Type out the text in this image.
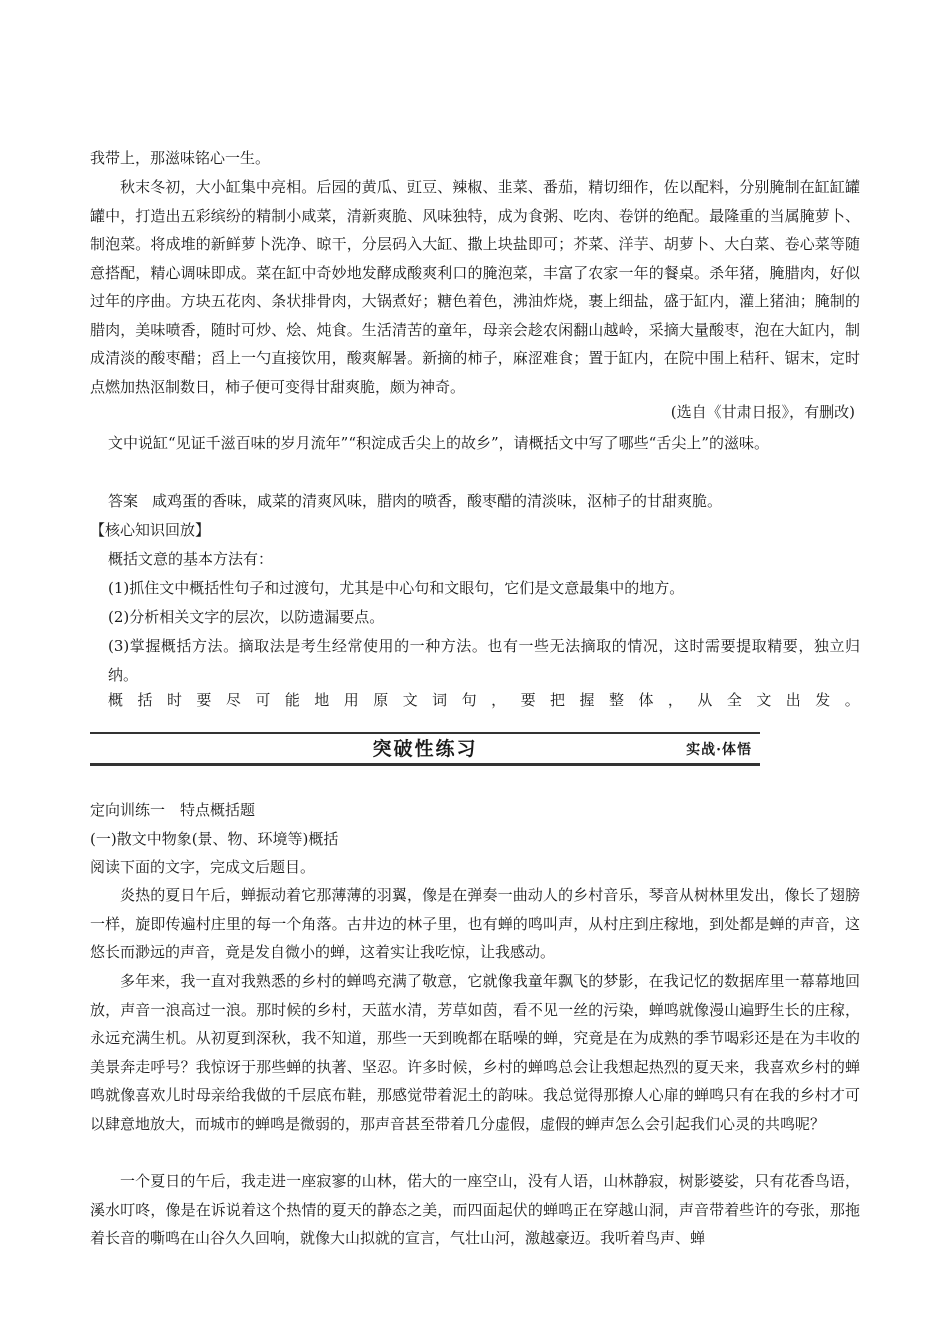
我带上，那滋味铭心一生。

秋末冬初，大小缸集中亮相。后园的黄瓜、豇豆、辣椒、韭菜、番茄，精切细作，佐以配料，分别腌制在缸缸罐罐中，打造出五彩缤纷的精制小咸菜，清新爽脆、风味独特，成为食粥、吃肉、卷饼的绝配。最隆重的当属腌萝卜、制泡菜。将成堆的新鲜萝卜洗净、晾干，分层码入大缸、撒上块盐即可；芥菜、洋芋、胡萝卜、大白菜、卷心菜等随意搭配，精心调味即成。菜在缸中奇妙地发酵成酸爽利口的腌泡菜，丰富了农家一年的餐桌。杀年猪，腌腊肉，好似过年的序曲。方块五花肉、条状排骨肉，大锅煮好；糖色着色，沸油炸烧，裹上细盐，盛于缸内，灌上猪油；腌制的腊肉，美味喷香，随时可炒、烩、炖食。生活清苦的童年，母亲会趁农闲翻山越岭，采摘大量酸枣，泡在大缸内，制成清淡的酸枣醋；舀上一勺直接饮用，酸爽解暑。新摘的柿子，麻涩难食；置于缸内，在院中围上秸秆、锯末，定时点燃加热沤制数日，柿子便可变得甘甜爽脆，颇为神奇。

(选自《甘肃日报》，有删改)

文中说缸“见证千滋百味的岁月流年”“积淀成舌尖上的故乡”，请概括文中写了哪些“舌尖上”的滋味。

答案 咸鸡蛋的香味，咸菜的清爽风味，腊肉的喷香，酸枣醋的清淡味，沤柿子的甘甜爽脆。

【核心知识回放】

概括文意的基本方法有：

(1)抓住文中概括性句子和过渡句，尤其是中心句和文眼句，它们是文意最集中的地方。

(2)分析相关文字的层次，以防遗漏要点。

(3)掌握概括方法。摘取法是考生经常使用的一种方法。也有一些无法摘取的情况，这时需要提取精要，独立归纳。

概 括 时 要 尽 可 能 地 用 原 文 词 句 ， 要 把 握 整 体 ， 从 全 文 出 发 。
突破性练习	实战·体悟

定向训练一　特点概括题

(一)散文中物象(景、物、环境等)概括

阅读下面的文字，完成文后题目。

炎热的夏日午后，蝉振动着它那薄薄的羽翼，像是在弹奏一曲动人的乡村音乐，琴音从树林里发出，像长了翅膀一样，旋即传遍村庄里的每一个角落。古井边的林子里，也有蝉的鸣叫声，从村庄到庄稼地，到处都是蝉的声音，这悠长而渺远的声音，竟是发自微小的蝉，这着实让我吃惊，让我感动。

多年来，我一直对我熟悉的乡村的蝉鸣充满了敬意，它就像我童年飘飞的梦影，在我记忆的数据库里一幕幕地回放，声音一浪高过一浪。那时候的乡村，天蓝水清，芳草如茵，看不见一丝的污染，蝉鸣就像漫山遍野生长的庄稼，永远充满生机。从初夏到深秋，我不知道，那些一天到晚都在聒噪的蝉，究竟是在为成熟的季节喝彩还是在为丰收的美景奔走呼号？我惊讶于那些蝉的执著、坚忍。许多时候，乡村的蝉鸣总会让我想起热烈的夏天来，我喜欢乡村的蝉鸣就像喜欢儿时母亲给我做的千层底布鞋，那感觉带着泥土的韵味。我总觉得那撩人心扉的蝉鸣只有在我的乡村才可以肆意地放大，而城市的蝉鸣是微弱的，那声音甚至带着几分虚假，虚假的蝉声怎么会引起我们心灵的共鸣呢？

一个夏日的午后，我走进一座寂寥的山林，偌大的一座空山，没有人语，山林静寂，树影婆娑，只有花香鸟语，溪水叮咚，像是在诉说着这个热情的夏天的静态之美，而四面起伏的蝉鸣正在穿越山洞，声音带着些许的夸张，那拖着长音的嘶鸣在山谷久久回响，就像大山拟就的宣言，气壮山河，激越豪迈。我听着鸟声、蝉
